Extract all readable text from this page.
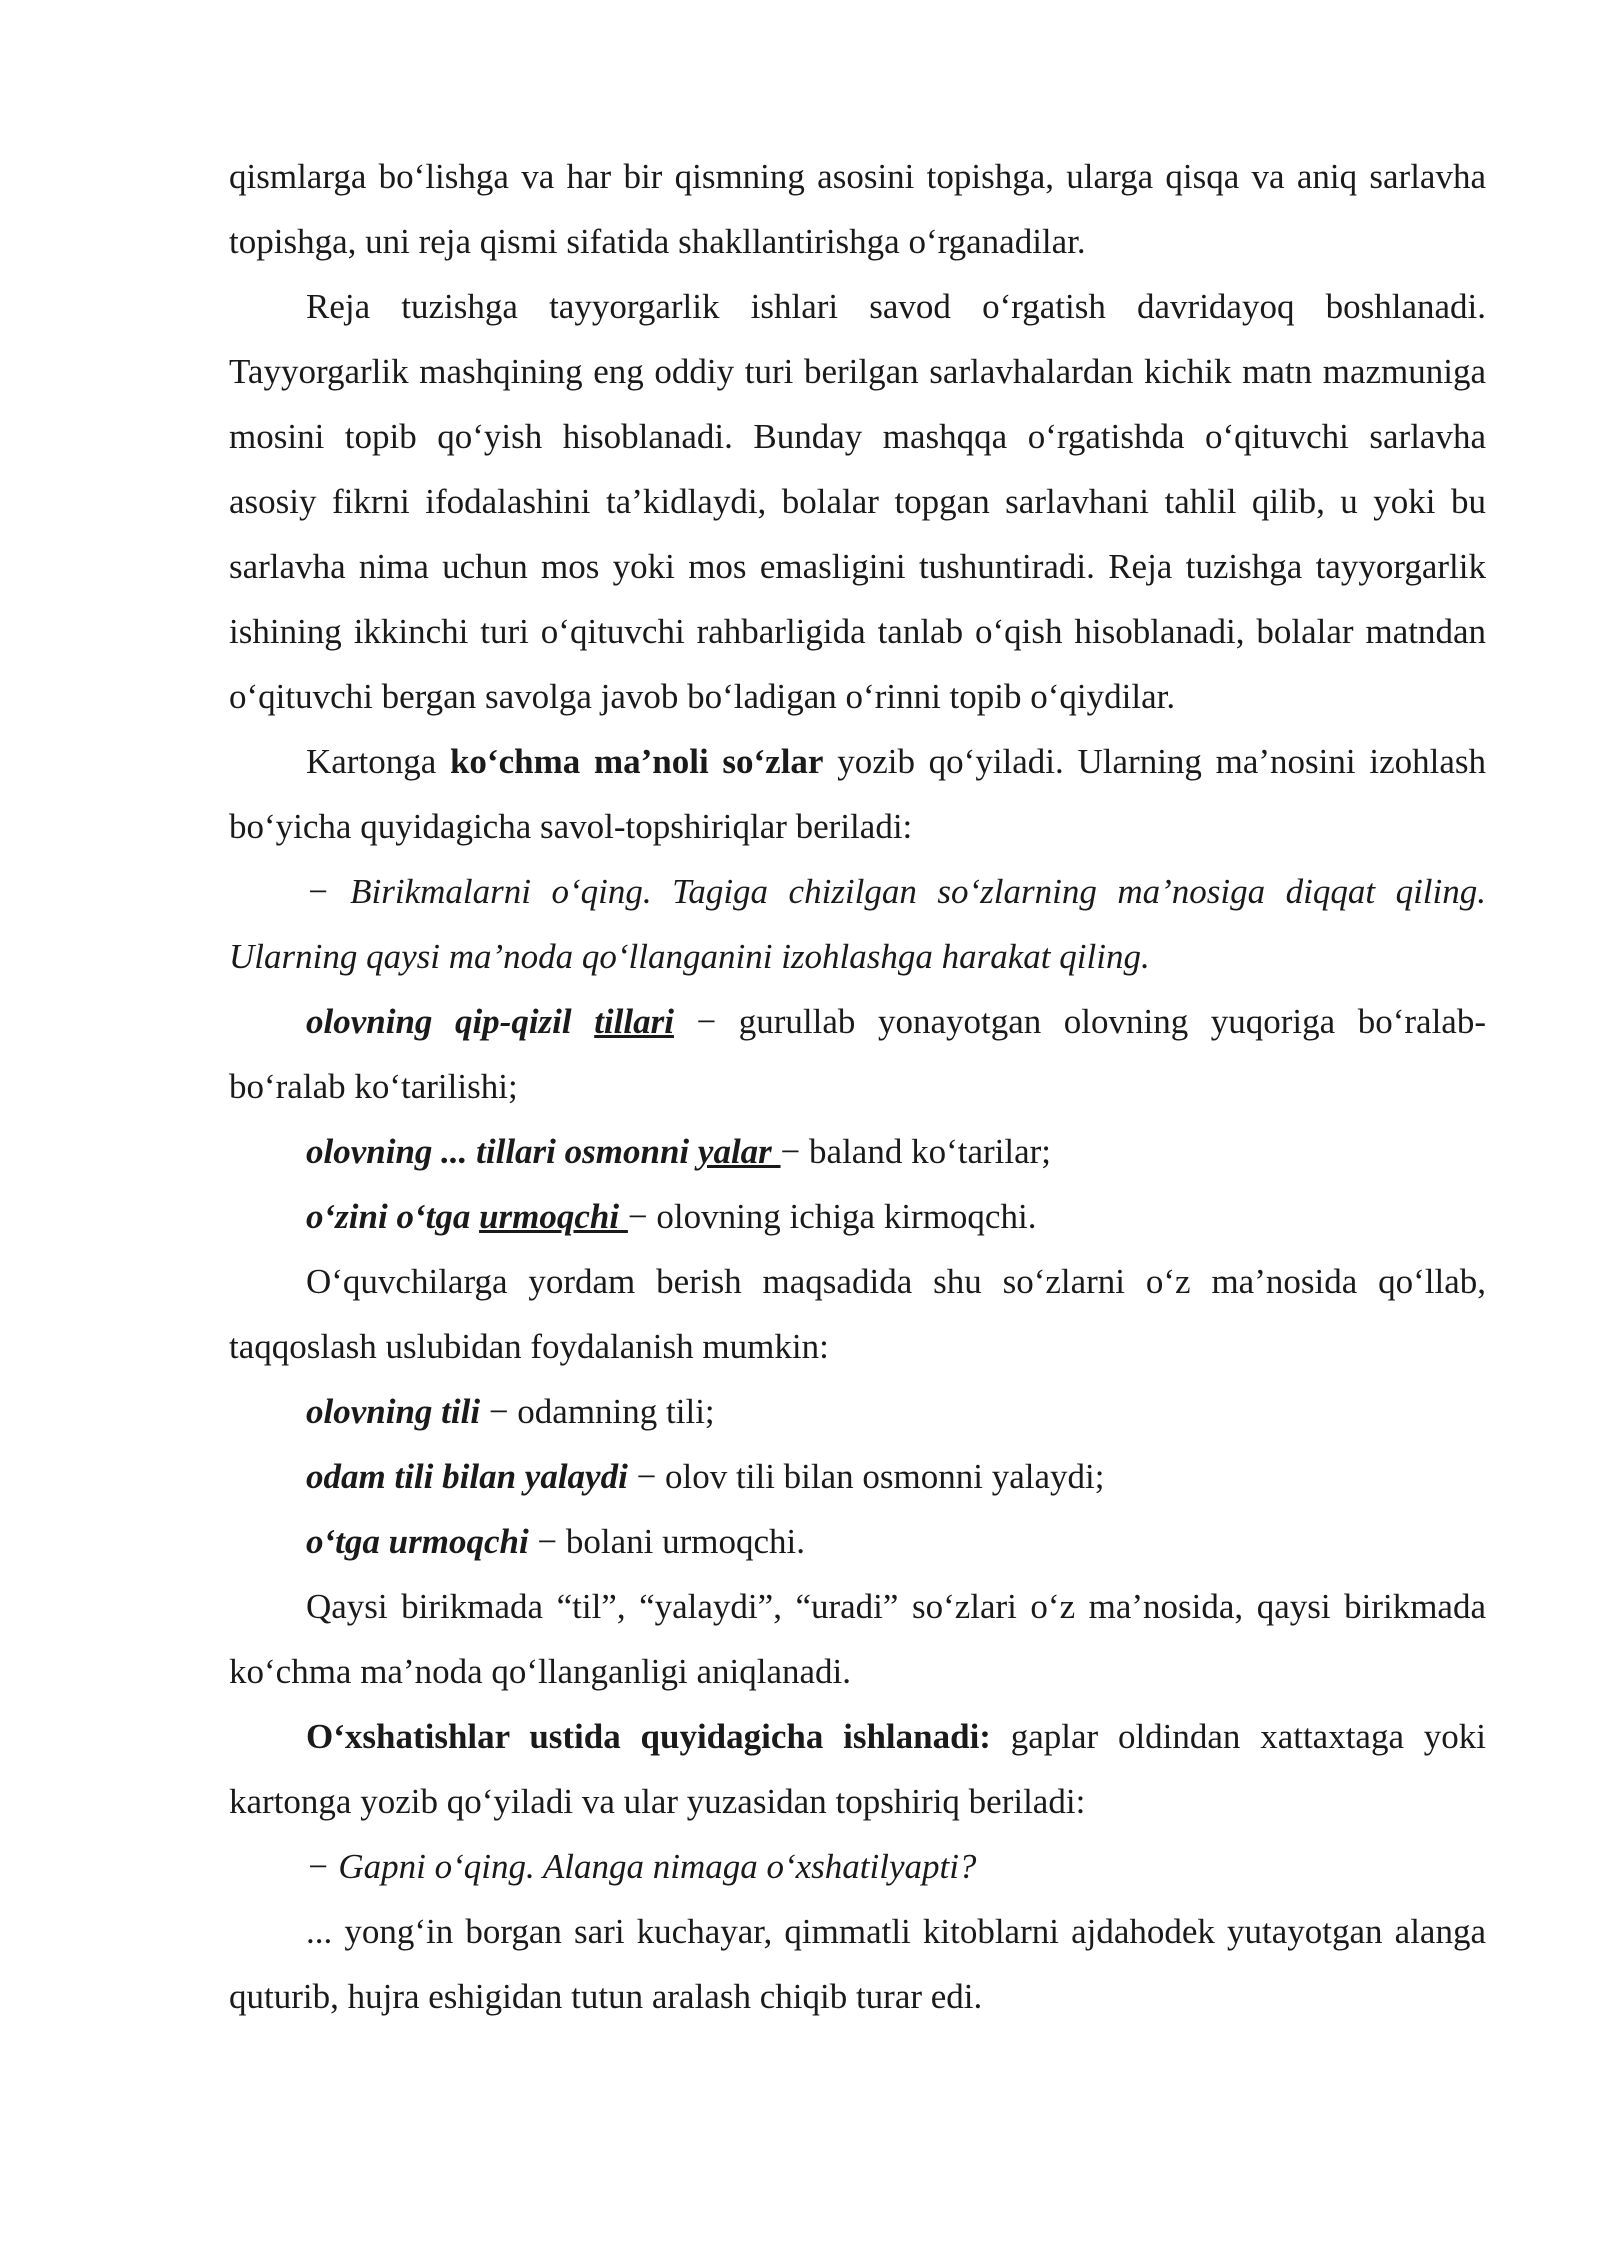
qismlarga bo‘lishga va har bir qismning asosini topishga, ularga qisqa va aniq sarlavha topishga, uni reja qismi sifatida shakllantirishga o‘rganadilar.

Reja tuzishga tayyorgarlik ishlari savod o‘rgatish davridayoq boshlanadi. Tayyorgarlik mashqining eng oddiy turi berilgan sarlavhalardan kichik matn mazmuniga mosini topib qo‘yish hisoblanadi. Bunday mashqqa o‘rgatishda o‘qituvchi sarlavha asosiy fikrni ifodalashini ta’kidlaydi, bolalar topgan sarlavhani tahlil qilib, u yoki bu sarlavha nima uchun mos yoki mos emasligini tushuntiradi. Reja tuzishga tayyorgarlik ishining ikkinchi turi o‘qituvchi rahbarligida tanlab o‘qish hisoblanadi, bolalar matndan o‘qituvchi bergan savolga javob bo‘ladigan o‘rinni topib o‘qiydilar.

Kartonga ko‘chma ma’noli so‘zlar yozib qo‘yiladi. Ularning ma’nosini izohlash bo‘yicha quyidagicha savol-topshiriqlar beriladi:

− Birikmalarni o‘qing. Tagiga chizilgan so‘zlarning ma’nosiga diqqat qiling. Ularning qaysi ma’noda qo‘llanganini izohlashga harakat qiling.

olovning qip-qizil tillari − gurullab yonayotgan olovning yuqoriga bo‘ralab-bo‘ralab ko‘tarilishi;

olovning ... tillari osmonni yalar − baland ko‘tarilar;

o‘zini o‘tga urmoqchi − olovning ichiga kirmoqchi.

O‘quvchilarga yordam berish maqsadida shu so‘zlarni o‘z ma’nosida qo‘llab, taqqoslash uslubidan foydalanish mumkin:

olovning tili − odamning tili;

odam tili bilan yalaydi − olov tili bilan osmonni yalaydi;

o‘tga urmoqchi − bolani urmoqchi.

Qaysi birikmada “til”, “yalaydi”, “uradi” so‘zlari o‘z ma’nosida, qaysi birikmada ko‘chma ma’noda qo‘llanganligi aniqlanadi.

O‘xshatishlar ustida quyidagicha ishlanadi: gaplar oldindan xattaxtaga yoki kartonga yozib qo‘yiladi va ular yuzasidan topshiriq beriladi:

− Gapni o‘qing. Alanga nimaga o‘xshatilyapti?

... yong‘in borgan sari kuchayar, qimmatli kitoblarni ajdahodek yutayotgan alanga quturib, hujra eshigidan tutun aralash chiqib turar edi.
